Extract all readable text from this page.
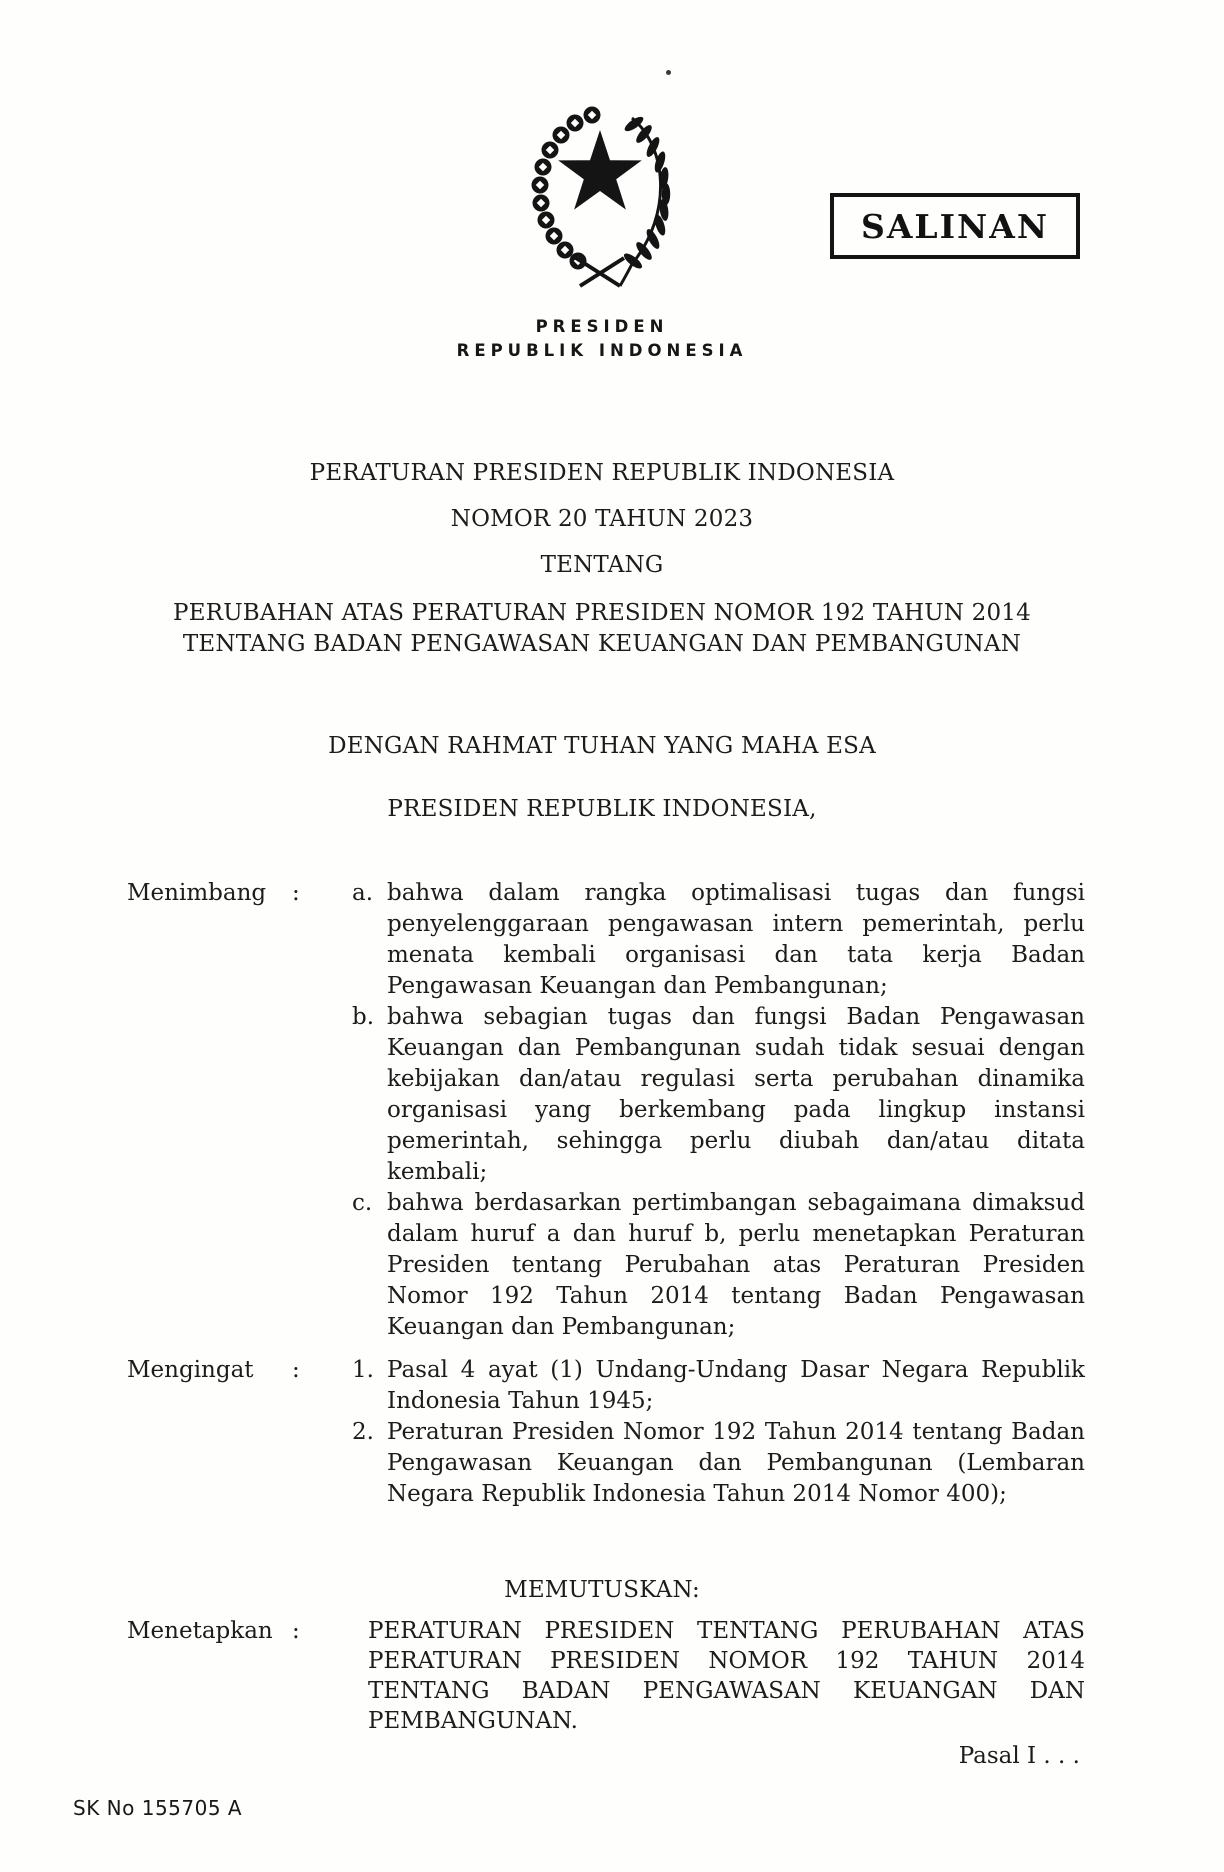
SALINAN
PRESIDEN
REPUBLIK INDONESIA
PERATURAN PRESIDEN REPUBLIK INDONESIA
NOMOR 20 TAHUN 2023
TENTANG
PERUBAHAN ATAS PERATURAN PRESIDEN NOMOR 192 TAHUN 2014
TENTANG BADAN PENGAWASAN KEUANGAN DAN PEMBANGUNAN
DENGAN RAHMAT TUHAN YANG MAHA ESA
PRESIDEN REPUBLIK INDONESIA,
Menimbang : a. bahwa dalam rangka optimalisasi tugas dan fungsi penyelenggaraan pengawasan intern pemerintah, perlu menata kembali organisasi dan tata kerja Badan Pengawasan Keuangan dan Pembangunan;
b. bahwa sebagian tugas dan fungsi Badan Pengawasan Keuangan dan Pembangunan sudah tidak sesuai dengan kebijakan dan/atau regulasi serta perubahan dinamika organisasi yang berkembang pada lingkup instansi pemerintah, sehingga perlu diubah dan/atau ditata kembali;
c. bahwa berdasarkan pertimbangan sebagaimana dimaksud dalam huruf a dan huruf b, perlu menetapkan Peraturan Presiden tentang Perubahan atas Peraturan Presiden Nomor 192 Tahun 2014 tentang Badan Pengawasan Keuangan dan Pembangunan;
Mengingat : 1. Pasal 4 ayat (1) Undang-Undang Dasar Negara Republik Indonesia Tahun 1945;
2. Peraturan Presiden Nomor 192 Tahun 2014 tentang Badan Pengawasan Keuangan dan Pembangunan (Lembaran Negara Republik Indonesia Tahun 2014 Nomor 400);
MEMUTUSKAN:
Menetapkan :	PERATURAN PRESIDEN TENTANG PERUBAHAN ATAS PERATURAN PRESIDEN NOMOR 192 TAHUN 2014 TENTANG BADAN PENGAWASAN KEUANGAN DAN PEMBANGUNAN.
Pasal I . . .
SK No 155705 A
